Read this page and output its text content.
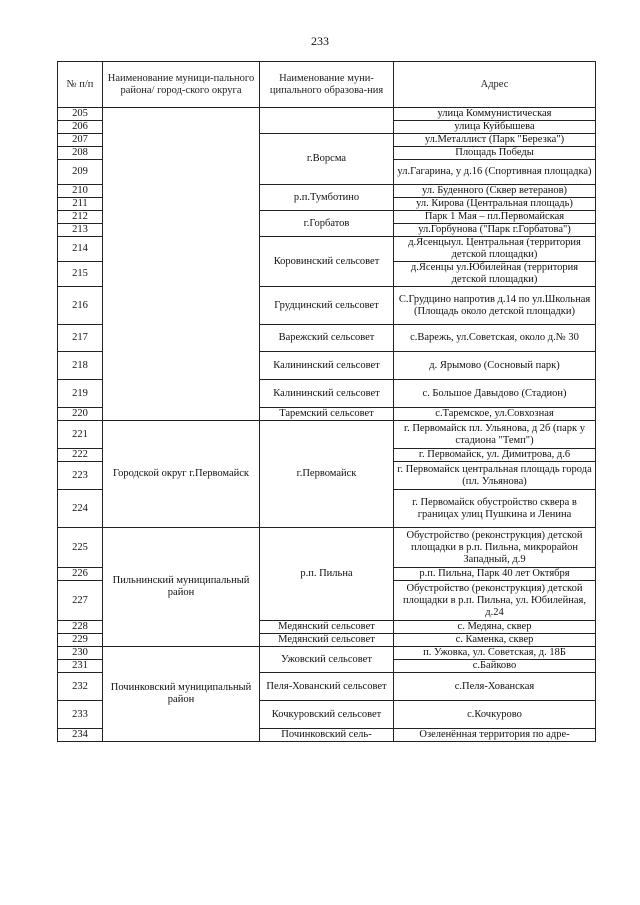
233
№ п/п	Наименование муници-пального района/ город-ского округа	Наименование муни-ципального образова-ния	Адрес
205			улица Коммунистическая
206			улица Куйбышева
207		г.Ворсма	ул.Металлист (Парк "Березка")
208			Площадь Победы
209			ул.Гагарина, у д.16 (Спортивная площадка)
210		р.п.Тумботино	ул. Буденного (Сквер ветеранов)
211			ул. Кирова (Центральная площадь)
212		г.Горбатов	Парк 1 Мая – пл.Первомайская
213			ул.Горбунова ("Парк г.Горбатова")
214		Коровинский сельсовет	д.Ясенцыул. Центральная (территория детской площадки)
215			д.Ясенцы ул.Юбилейная (территория детской площадки)
216		Грудцинский сельсовет	С.Грудцино напротив д.14 по ул.Школьная (Площадь около детской площадки)
217		Варежский сельсовет	с.Варежь, ул.Советская, около д.№ 30
218		Калининский сельсовет	д. Ярымово (Сосновый парк)
219		Калининский сельсовет	с. Большое Давыдово (Стадион)
220		Таремский сельсовет	с.Таремское, ул.Совхозная
221	Городской округ г.Первомайск	г.Первомайск	г. Первомайск пл. Ульянова, д 2б (парк у стадиона "Темп")
222			г. Первомайск, ул. Димитрова, д.6
223			г. Первомайск центральная площадь города (пл. Ульянова)
224			г. Первомайск обустройство сквера в границах улиц Пушкина и Ленина
225	Пильнинский муниципальный район	р.п. Пильна	Обустройство (реконструкция) детской площадки в р.п. Пильна, микрорайон Западный, д.9
226			р.п. Пильна, Парк 40 лет Октября
227			Обустройство (реконструкция) детской площадки в р.п. Пильна, ул. Юбилейная, д.24
228		Медянский сельсовет	с. Медяна, сквер
229		Медянский сельсовет	с. Каменка, сквер
230	Починковский муниципальный район	Ужовский сельсовет	п. Ужовка, ул. Советская, д. 18Б
231			с.Байково
232		Пеля-Хованский сельсовет	с.Пеля-Хованская
233		Кочкуровский сельсовет	с.Кочкурово
234		Починковский сель-	Озеленённая территория по адре-
